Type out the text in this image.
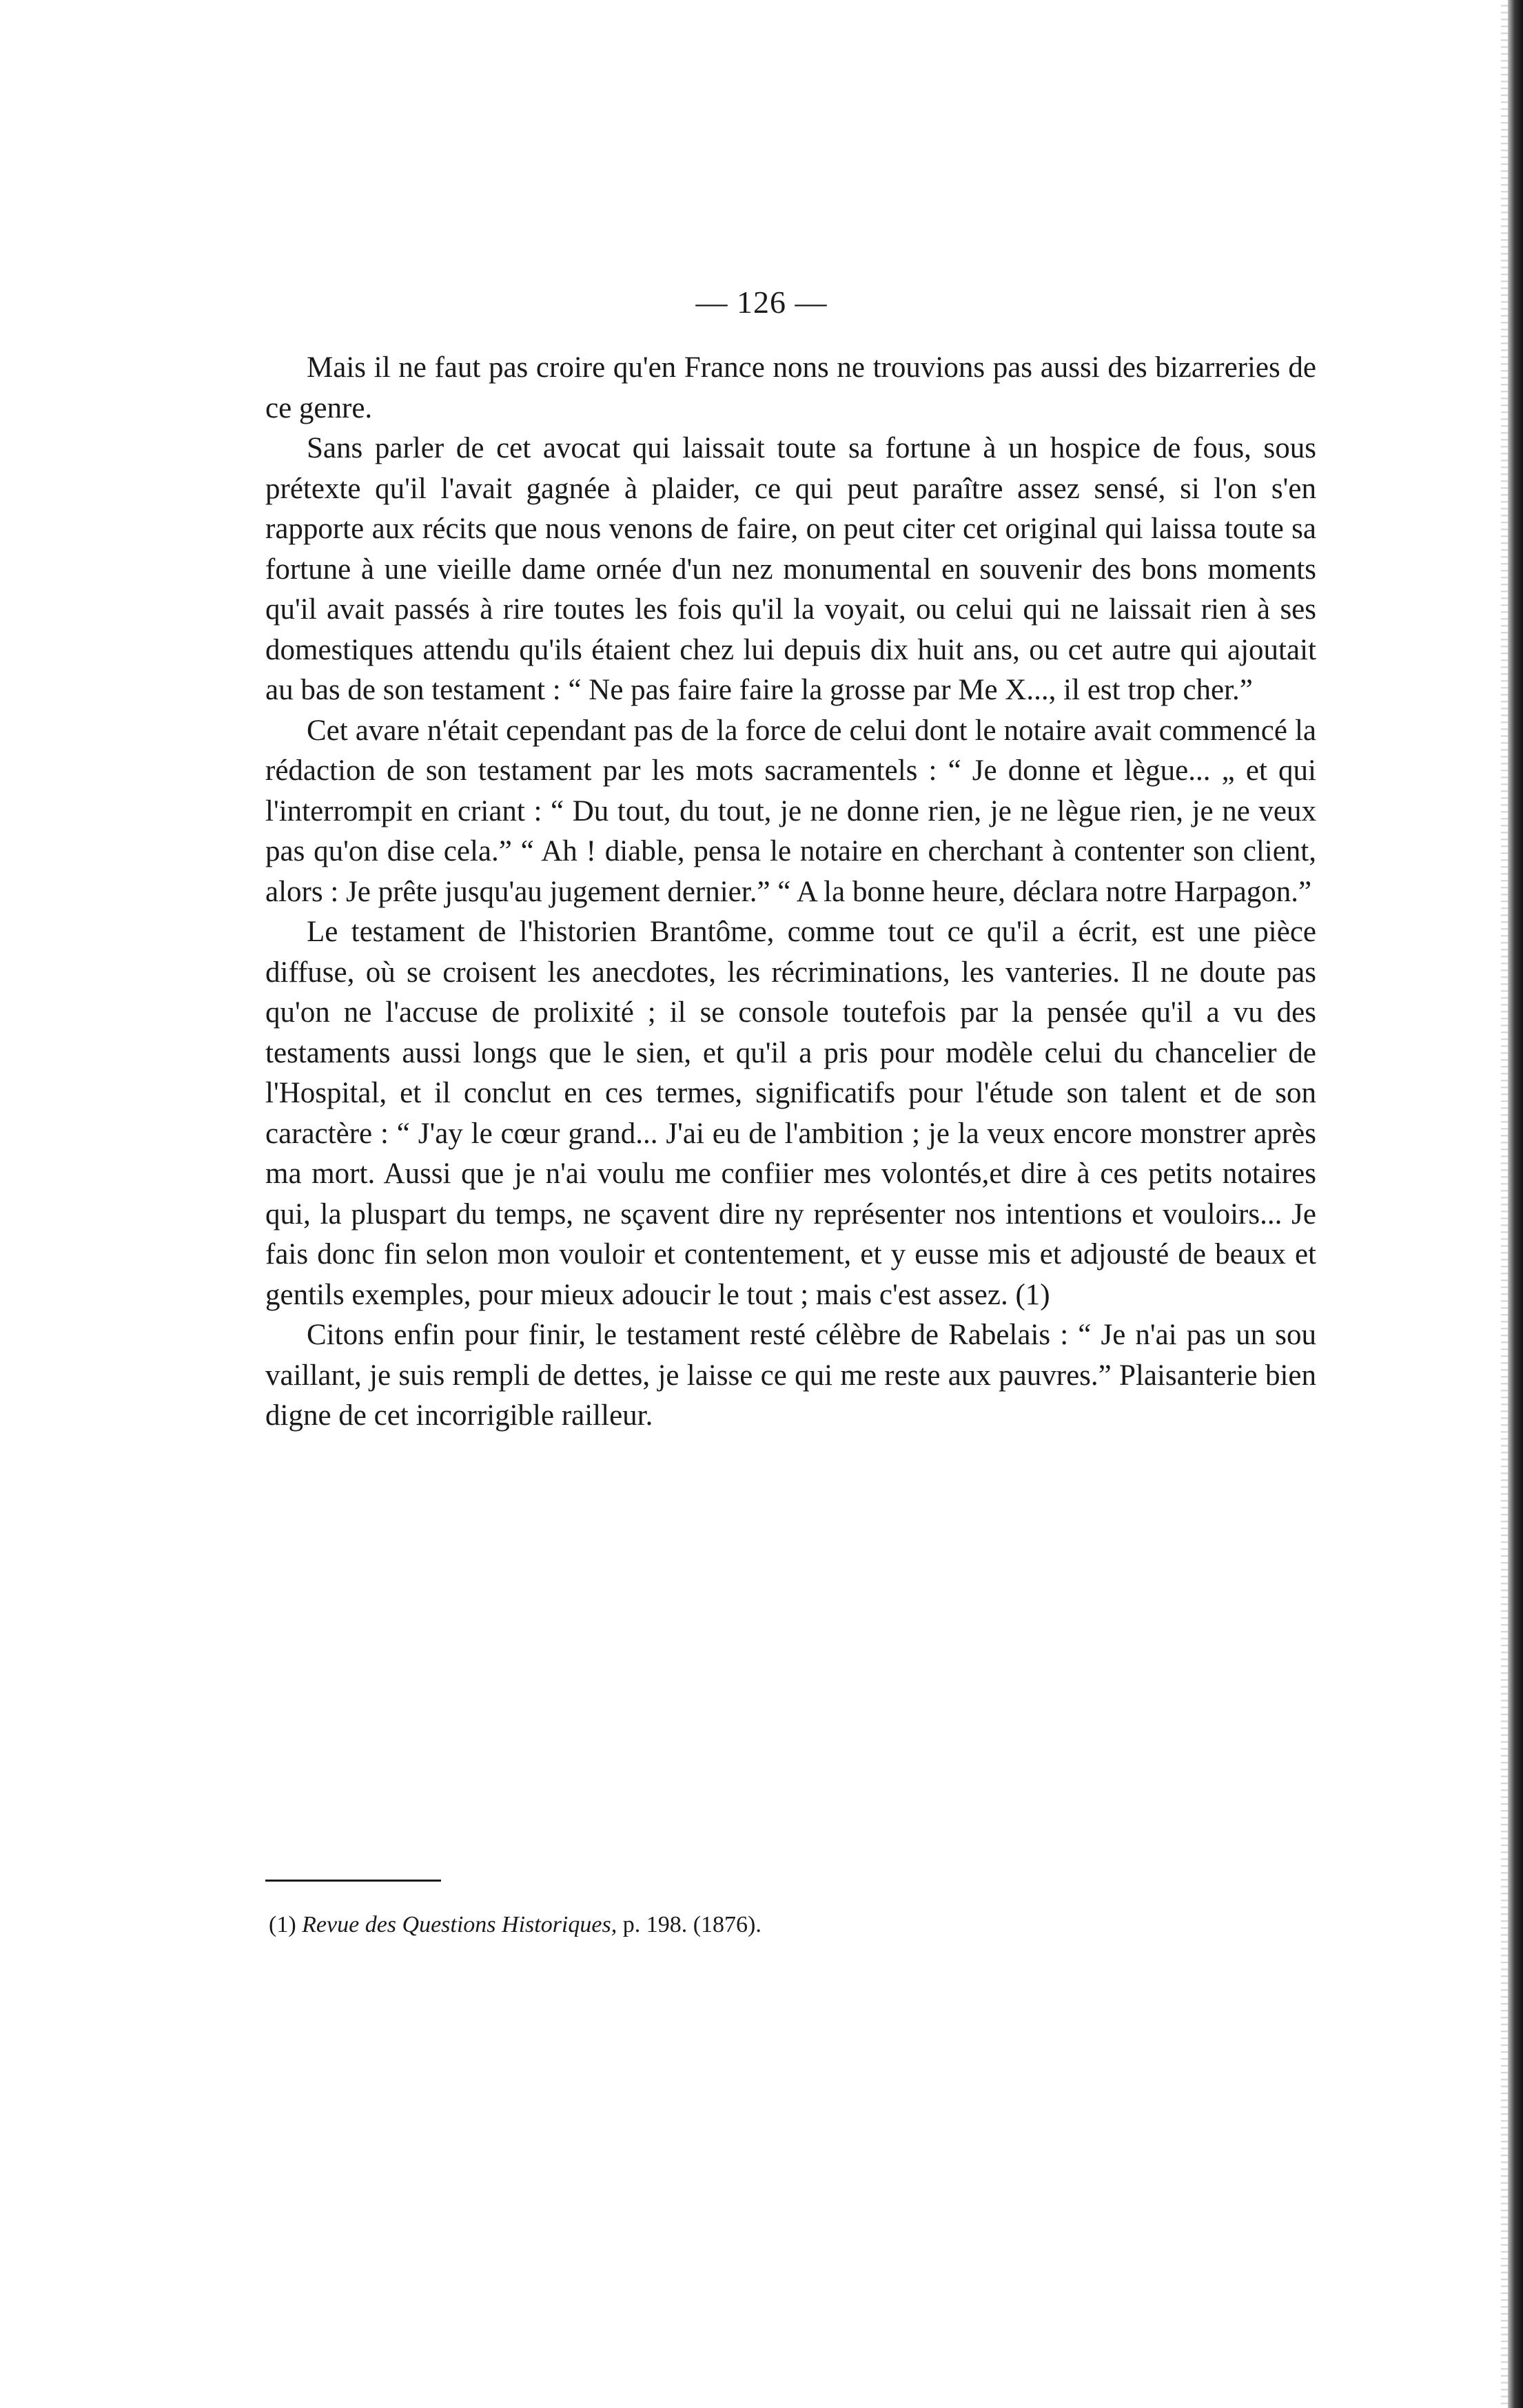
— 126 —

Mais il ne faut pas croire qu'en France nons ne trouvions pas aussi des bizarreries de ce genre.

Sans parler de cet avocat qui laissait toute sa fortune à un hospice de fous, sous prétexte qu'il l'avait gagnée à plaider, ce qui peut paraître assez sensé, si l'on s'en rapporte aux récits que nous venons de faire, on peut citer cet original qui laissa toute sa fortune à une vieille dame ornée d'un nez monumental en souvenir des bons moments qu'il avait passés à rire toutes les fois qu'il la voyait, ou celui qui ne laissait rien à ses domestiques attendu qu'ils étaient chez lui depuis dix huit ans, ou cet autre qui ajoutait au bas de son testament : “ Ne pas faire faire la grosse par Me X..., il est trop cher.”

Cet avare n'était cependant pas de la force de celui dont le notaire avait commencé la rédaction de son testament par les mots sacramentels : “ Je donne et lègue... „ et qui l'interrompit en criant : “ Du tout, du tout, je ne donne rien, je ne lègue rien, je ne veux pas qu'on dise cela.” “ Ah ! diable, pensa le notaire en cherchant à contenter son client, alors : Je prête jusqu'au jugement dernier.” “ A la bonne heure, déclara notre Harpagon.”

Le testament de l'historien Brantôme, comme tout ce qu'il a écrit, est une pièce diffuse, où se croisent les anecdotes, les récriminations, les vanteries. Il ne doute pas qu'on ne l'accuse de prolixité ; il se console toutefois par la pensée qu'il a vu des testaments aussi longs que le sien, et qu'il a pris pour modèle celui du chancelier de l'Hospital, et il conclut en ces termes, significatifs pour l'étude son talent et de son caractère : “ J'ay le cœur grand... J'ai eu de l'ambition ; je la veux encore monstrer après ma mort. Aussi que je n'ai voulu me confiier mes volontés,et dire à ces petits notaires qui, la pluspart du temps, ne sçavent dire ny représenter nos intentions et vouloirs... Je fais donc fin selon mon vouloir et contentement, et y eusse mis et adjousté de beaux et gentils exemples, pour mieux adoucir le tout ; mais c'est assez. (1)

Citons enfin pour finir, le testament resté célèbre de Rabelais : “ Je n'ai pas un sou vaillant, je suis rempli de dettes, je laisse ce qui me reste aux pauvres.” Plaisanterie bien digne de cet incorrigible railleur.

(1) Revue des Questions Historiques, p. 198. (1876).
